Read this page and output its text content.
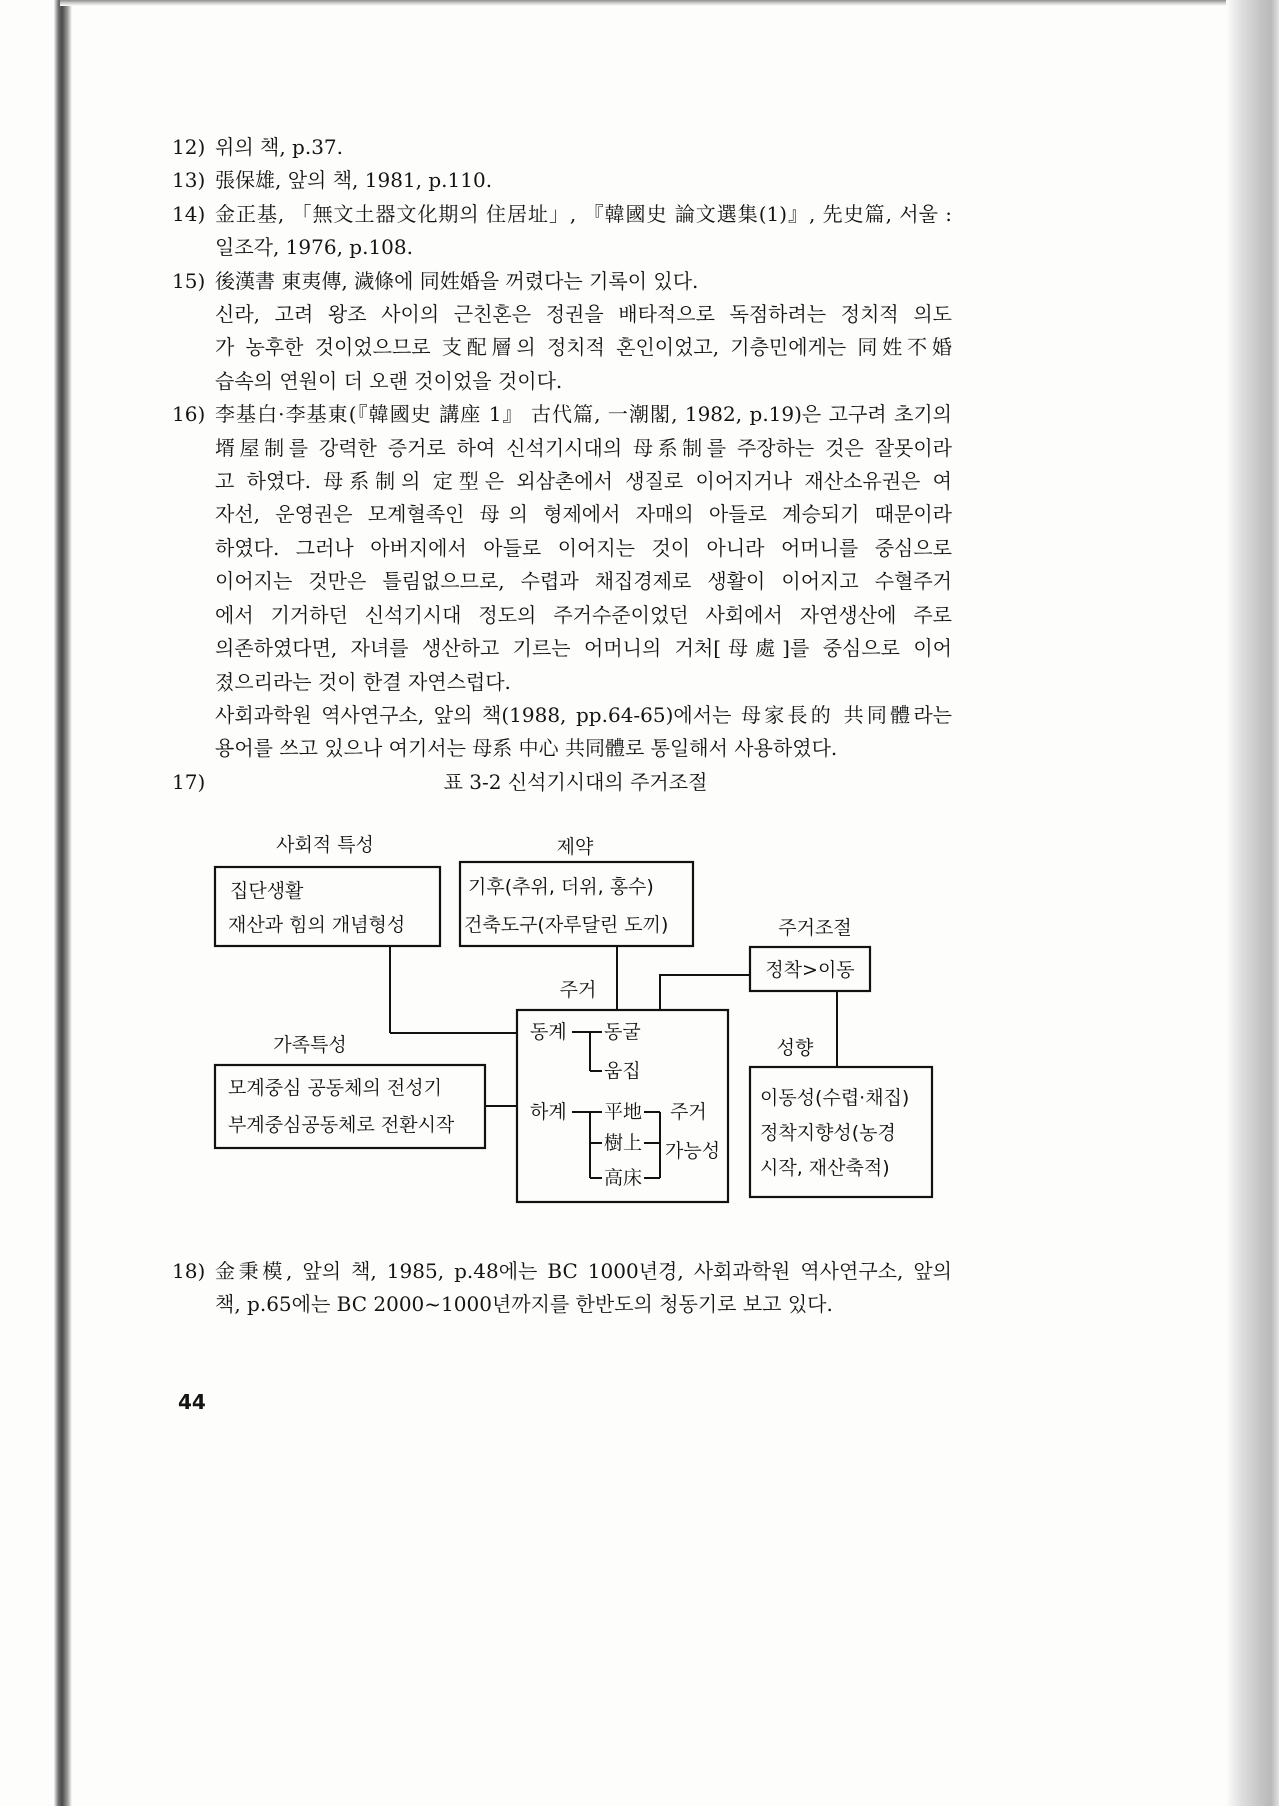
12) 위의 책, p.37.
13) 張保雄, 앞의 책, 1981, p.110.
14) 金正基, 「無文土器文化期의 住居址」, 『韓國史 論文選集(1)』, 先史篇, 서울 :
일조각, 1976, p.108.
15) 後漢書 東夷傳, 濊條에 同姓婚을 꺼렸다는 기록이 있다.
신라, 고려 왕조 사이의 근친혼은 정권을 배타적으로 독점하려는 정치적 의도
가 농후한 것이었으므로 支配層의 정치적 혼인이었고, 기층민에게는 同姓不婚
습속의 연원이 더 오랜 것이었을 것이다.
16) 李基白·李基東(『韓國史 講座 1』 古代篇, 一潮閣, 1982, p.19)은 고구려 초기의
壻屋制를 강력한 증거로 하여 신석기시대의 母系制를 주장하는 것은 잘못이라
고 하였다. 母系制의 定型은 외삼촌에서 생질로 이어지거나 재산소유권은 여
자선, 운영권은 모계혈족인 母의 형제에서 자매의 아들로 계승되기 때문이라
하였다. 그러나 아버지에서 아들로 이어지는 것이 아니라 어머니를 중심으로
이어지는 것만은 틀림없으므로, 수렵과 채집경제로 생활이 이어지고 수혈주거
에서 기거하던 신석기시대 정도의 주거수준이었던 사회에서 자연생산에 주로
의존하였다면, 자녀를 생산하고 기르는 어머니의 거처[母處]를 중심으로 이어
졌으리라는 것이 한결 자연스럽다.
사회과학원 역사연구소, 앞의 책(1988, pp.64-65)에서는 母家長的 共同體라는
용어를 쓰고 있으나 여기서는 母系 中心 共同體로 통일해서 사용하였다.
17)	표 3-2 신석기시대의 주거조절
사회적 특성	제약
주거조절
주거
가족특성	성향
집단생활
재산과 힘의 개념형성
기후(추위, 더위, 홍수)
건축도구(자루달린 도끼)
정착>이동
모계중심 공동체의 전성기
부계중심공동체로 전환시작
이동성(수렵·채집)
정착지향성(농경
시작, 재산축적)
동계 동굴
움집
하계 平地
樹上
高床
주거
가능성
18) 金秉模, 앞의 책, 1985, p.48에는 BC 1000년경, 사회과학원 역사연구소, 앞의
책, p.65에는 BC 2000~1000년까지를 한반도의 청동기로 보고 있다.
44
